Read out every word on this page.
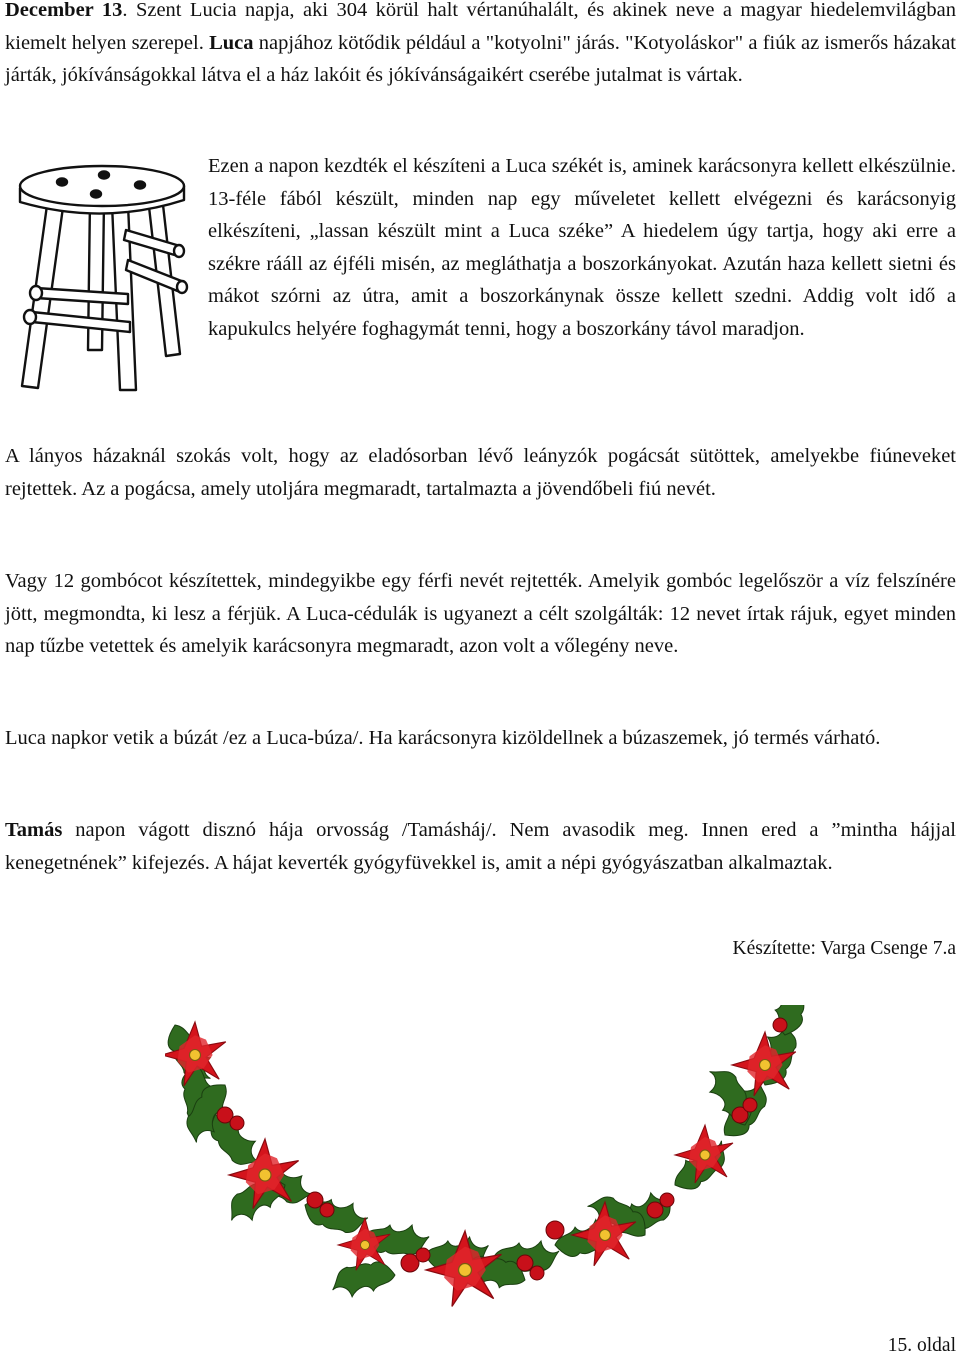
December 13. Szent Lucia napja, aki 304 körül halt vértanúhalált, és akinek neve a magyar hiedelemvilágban kiemelt helyen szerepel. Luca napjához kötődik például a "kotyolni" járás. "Kotyoláskor" a fiúk az ismerős házakat járták, jókívánságokkal látva el a ház lakóit és jókívánságaikért cserébe jutalmat is vártak.

Ezen a napon kezdték el készíteni a Luca székét is, aminek karácsonyra kellett elkészülnie. 13-féle fából készült, minden nap egy műveletet kellett elvégezni és karácsonyig elkészíteni, „lassan készült mint a Luca széke” A hiedelem úgy tartja, hogy aki erre a székre rááll az éjféli misén, az megláthatja a boszorkányokat. Azután haza kellett sietni és mákot szórni az útra, amit a boszorkánynak össze kellett szedni. Addig volt idő a kapukulcs helyére foghagymát tenni, hogy a boszorkány távol maradjon.

A lányos házaknál szokás volt, hogy az eladósorban lévő leányzók pogácsát sütöttek, amelyekbe fiúneveket rejtettek. Az a pogácsa, amely utoljára megmaradt, tartalmazta a jövendőbeli fiú nevét.

Vagy 12 gombócot készítettek, mindegyikbe egy férfi nevét rejtették. Amelyik gombóc legelőször a víz felszínére jött, megmondta, ki lesz a férjük. A Luca-cédulák is ugyanezt a célt szolgálták: 12 nevet írtak rájuk, egyet minden nap tűzbe vetettek és amelyik karácsonyra megmaradt, azon volt a vőlegény neve.

Luca napkor vetik a búzát /ez a Luca-búza/. Ha karácsonyra kizöldellnek a búzaszemek, jó termés várható.

Tamás napon vágott disznó hája orvosság /Tamásháj/. Nem avasodik meg. Innen ered a ”mintha hájjal kenegetnének” kifejezés. A hájat keverték gyógyfüvekkel is, amit a népi gyógyászatban alkalmaztak.

Készítette: Varga Csenge 7.a

15. oldal
